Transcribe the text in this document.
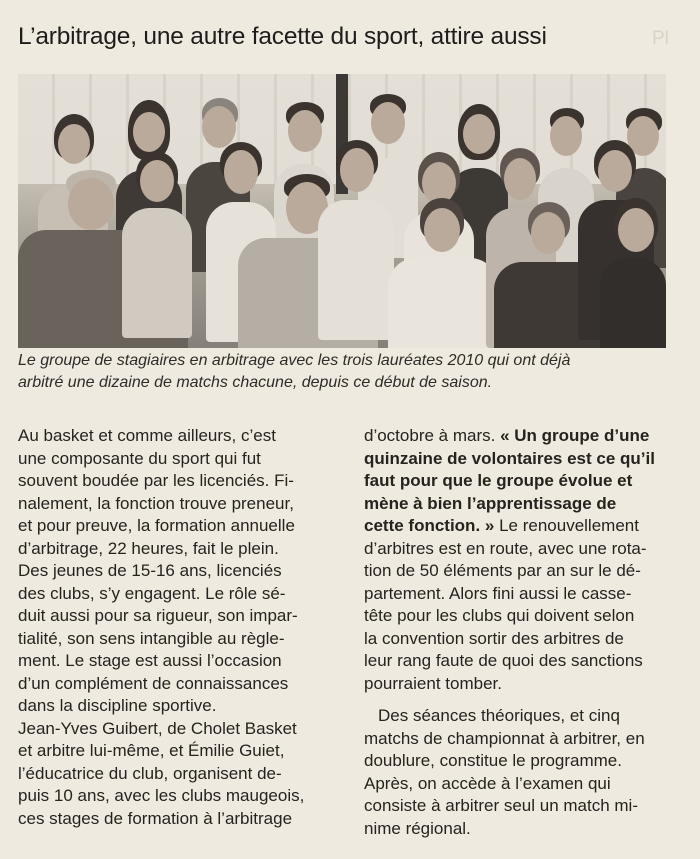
L’arbitrage, une autre facette du sport, attire aussi	Pl
Le groupe de stagiaires en arbitrage avec les trois lauréates 2010 qui ont déjà
arbitré une dizaine de matchs chacune, depuis ce début de saison.
Au basket et comme ailleurs, c’est
une composante du sport qui fut
souvent boudée par les licenciés. Fi-
nalement, la fonction trouve preneur,
et pour preuve, la formation annuelle
d’arbitrage, 22 heures, fait le plein.
Des jeunes de 15-16 ans, licenciés
des clubs, s’y engagent. Le rôle sé-
duit aussi pour sa rigueur, son impar-
tialité, son sens intangible au règle-
ment. Le stage est aussi l’occasion
d’un complément de connaissances
dans la discipline sportive.
Jean-Yves Guibert, de Cholet Basket
et arbitre lui-même, et Émilie Guiet,
l’éducatrice du club, organisent de-
puis 10 ans, avec les clubs maugeois,
ces stages de formation à l’arbitrage
d’octobre à mars. « Un groupe d’une
quinzaine de volontaires est ce qu’il
faut pour que le groupe évolue et
mène à bien l’apprentissage de
cette fonction. » Le renouvellement
d’arbitres est en route, avec une rota-
tion de 50 éléments par an sur le dé-
partement. Alors fini aussi le casse-
tête pour les clubs qui doivent selon
la convention sortir des arbitres de
leur rang faute de quoi des sanctions
pourraient tomber.
Des séances théoriques, et cinq
matchs de championnat à arbitrer, en
doublure, constitue le programme.
Après, on accède à l’examen qui
consiste à arbitrer seul un match mi-
nime régional.
